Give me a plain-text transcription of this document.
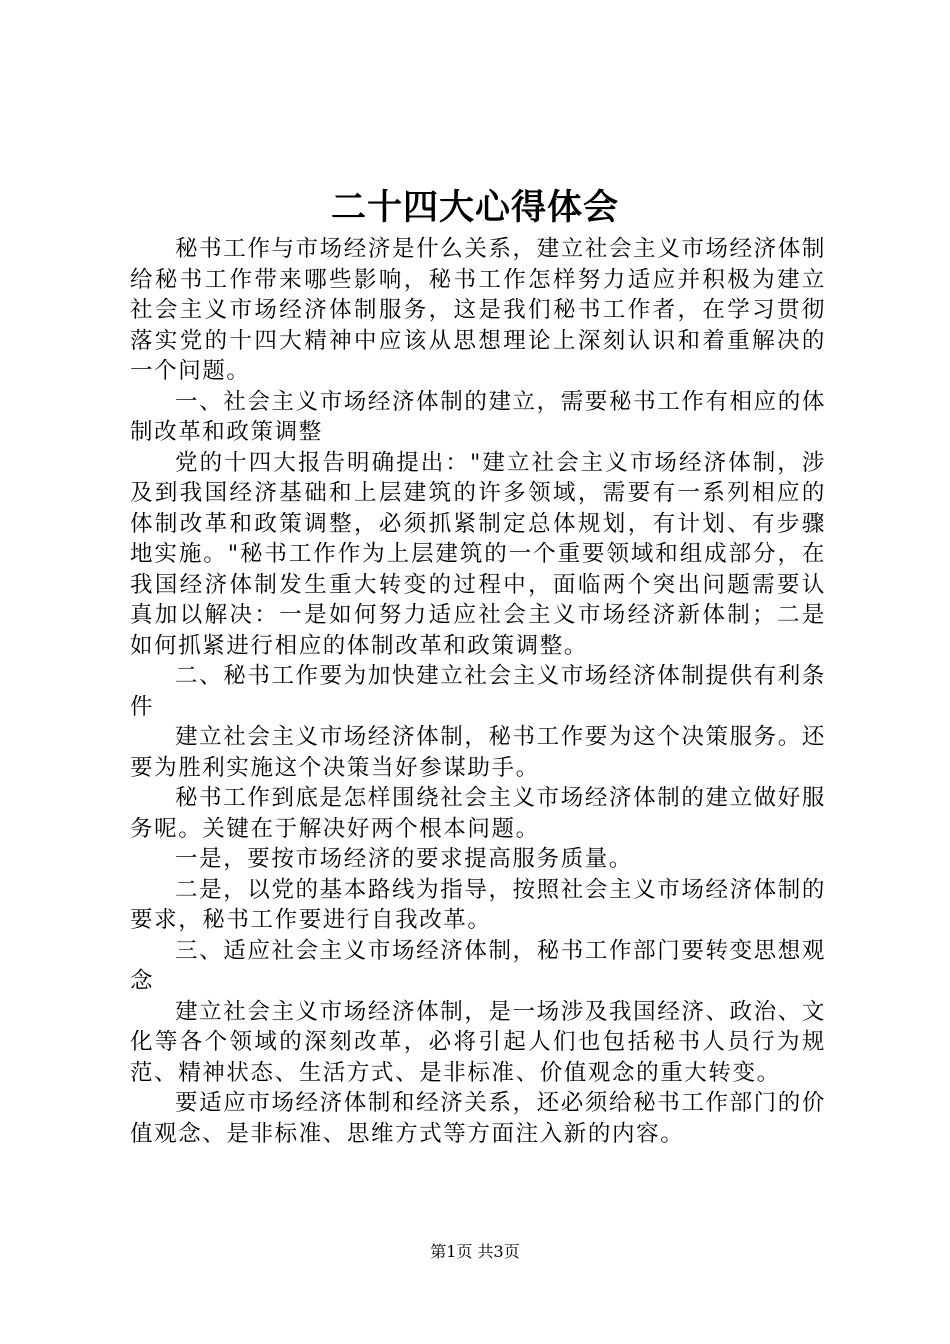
二十四大心得体会

秘书工作与市场经济是什么关系，建立社会主义市场经济体制给秘书工作带来哪些影响，秘书工作怎样努力适应并积极为建立社会主义市场经济体制服务，这是我们秘书工作者，在学习贯彻落实党的十四大精神中应该从思想理论上深刻认识和着重解决的一个问题。

一、社会主义市场经济体制的建立，需要秘书工作有相应的体制改革和政策调整

党的十四大报告明确提出："建立社会主义市场经济体制，涉及到我国经济基础和上层建筑的许多领域，需要有一系列相应的体制改革和政策调整，必须抓紧制定总体规划，有计划、有步骤地实施。"秘书工作作为上层建筑的一个重要领域和组成部分，在我国经济体制发生重大转变的过程中，面临两个突出问题需要认真加以解决：一是如何努力适应社会主义市场经济新体制；二是如何抓紧进行相应的体制改革和政策调整。

二、秘书工作要为加快建立社会主义市场经济体制提供有利条件

建立社会主义市场经济体制，秘书工作要为这个决策服务。还要为胜利实施这个决策当好参谋助手。

秘书工作到底是怎样围绕社会主义市场经济体制的建立做好服务呢。关键在于解决好两个根本问题。

一是，要按市场经济的要求提高服务质量。

二是，以党的基本路线为指导，按照社会主义市场经济体制的要求，秘书工作要进行自我改革。

三、适应社会主义市场经济体制，秘书工作部门要转变思想观念

建立社会主义市场经济体制，是一场涉及我国经济、政治、文化等各个领域的深刻改革，必将引起人们也包括秘书人员行为规范、精神状态、生活方式、是非标准、价值观念的重大转变。

要适应市场经济体制和经济关系，还必须给秘书工作部门的价值观念、是非标准、思维方式等方面注入新的内容。

第1页 共3页
